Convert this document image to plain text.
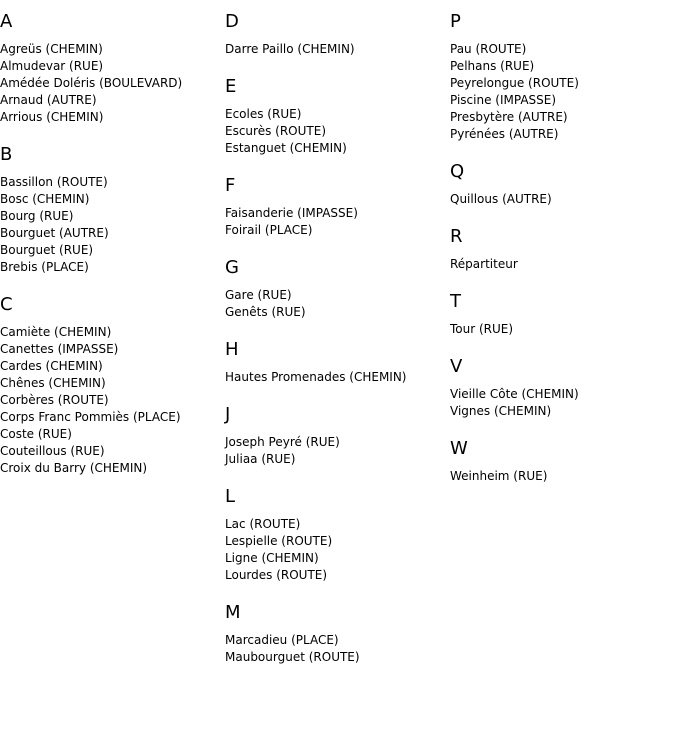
A
Agreüs (CHEMIN)
Almudevar (RUE)
Amédée Doléris (BOULEVARD)
Arnaud (AUTRE)
Arrious (CHEMIN)
B
Bassillon (ROUTE)
Bosc (CHEMIN)
Bourg (RUE)
Bourguet (AUTRE)
Bourguet (RUE)
Brebis (PLACE)
C
Camiète (CHEMIN)
Canettes (IMPASSE)
Cardes (CHEMIN)
Chênes (CHEMIN)
Corbères (ROUTE)
Corps Franc Pommiès (PLACE)
Coste (RUE)
Couteillous (RUE)
Croix du Barry (CHEMIN)
D
Darre Paillo (CHEMIN)
E
Ecoles (RUE)
Escurès (ROUTE)
Estanguet (CHEMIN)
F
Faisanderie (IMPASSE)
Foirail (PLACE)
G
Gare (RUE)
Genêts (RUE)
H
Hautes Promenades (CHEMIN)
J
Joseph Peyré (RUE)
Juliaa (RUE)
L
Lac (ROUTE)
Lespielle (ROUTE)
Ligne (CHEMIN)
Lourdes (ROUTE)
M
Marcadieu (PLACE)
Maubourguet (ROUTE)
P
Pau (ROUTE)
Pelhans (RUE)
Peyrelongue (ROUTE)
Piscine (IMPASSE)
Presbytère (AUTRE)
Pyrénées (AUTRE)
Q
Quillous (AUTRE)
R
Répartiteur
T
Tour (RUE)
V
Vieille Côte (CHEMIN)
Vignes (CHEMIN)
W
Weinheim (RUE)
